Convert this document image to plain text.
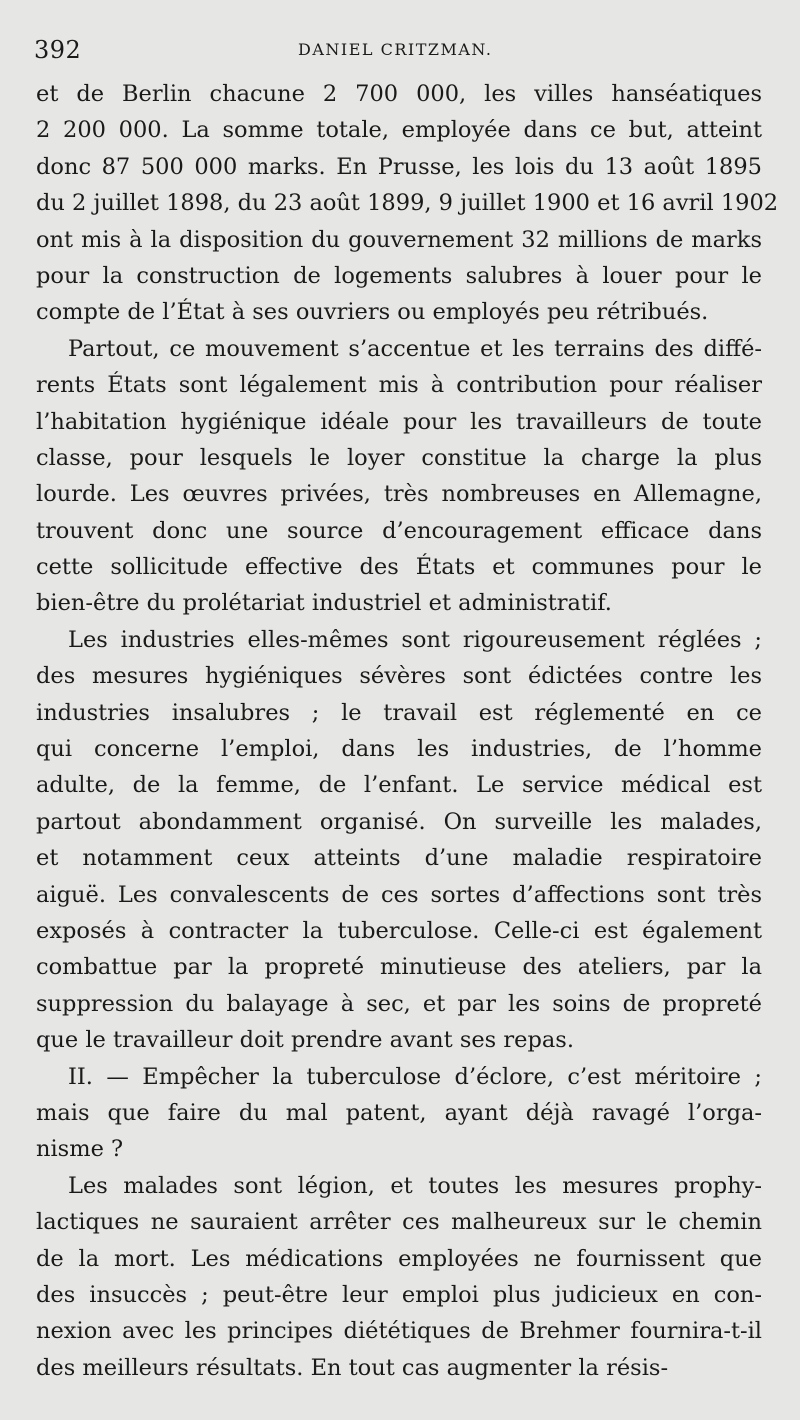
392	DANIEL CRITZMAN.
et de Berlin chacune 2 700 000, les villes hanséatiques
2 200 000. La somme totale, employée dans ce but, atteint
donc 87 500 000 marks. En Prusse, les lois du 13 août 1895
du 2 juillet 1898, du 23 août 1899, 9 juillet 1900 et 16 avril 1902
ont mis à la disposition du gouvernement 32 millions de marks
pour la construction de logements salubres à louer pour le
compte de l’État à ses ouvriers ou employés peu rétribués.
Partout, ce mouvement s’accentue et les terrains des diffé-
rents États sont légalement mis à contribution pour réaliser
l’habitation hygiénique idéale pour les travailleurs de toute
classe, pour lesquels le loyer constitue la charge la plus
lourde. Les œuvres privées, très nombreuses en Allemagne,
trouvent donc une source d’encouragement efficace dans
cette sollicitude effective des États et communes pour le
bien-être du prolétariat industriel et administratif.
Les industries elles-mêmes sont rigoureusement réglées ;
des mesures hygiéniques sévères sont édictées contre les
industries insalubres ; le travail est réglementé en ce
qui concerne l’emploi, dans les industries, de l’homme
adulte, de la femme, de l’enfant. Le service médical est
partout abondamment organisé. On surveille les malades,
et notamment ceux atteints d’une maladie respiratoire
aiguë. Les convalescents de ces sortes d’affections sont très
exposés à contracter la tuberculose. Celle-ci est également
combattue par la propreté minutieuse des ateliers, par la
suppression du balayage à sec, et par les soins de propreté
que le travailleur doit prendre avant ses repas.
II. — Empêcher la tuberculose d’éclore, c’est méritoire ;
mais que faire du mal patent, ayant déjà ravagé l’orga-
nisme ?
Les malades sont légion, et toutes les mesures prophy-
lactiques ne sauraient arrêter ces malheureux sur le chemin
de la mort. Les médications employées ne fournissent que
des insuccès ; peut-être leur emploi plus judicieux en con-
nexion avec les principes diététiques de Brehmer fournira-t-il
des meilleurs résultats. En tout cas augmenter la résis-
